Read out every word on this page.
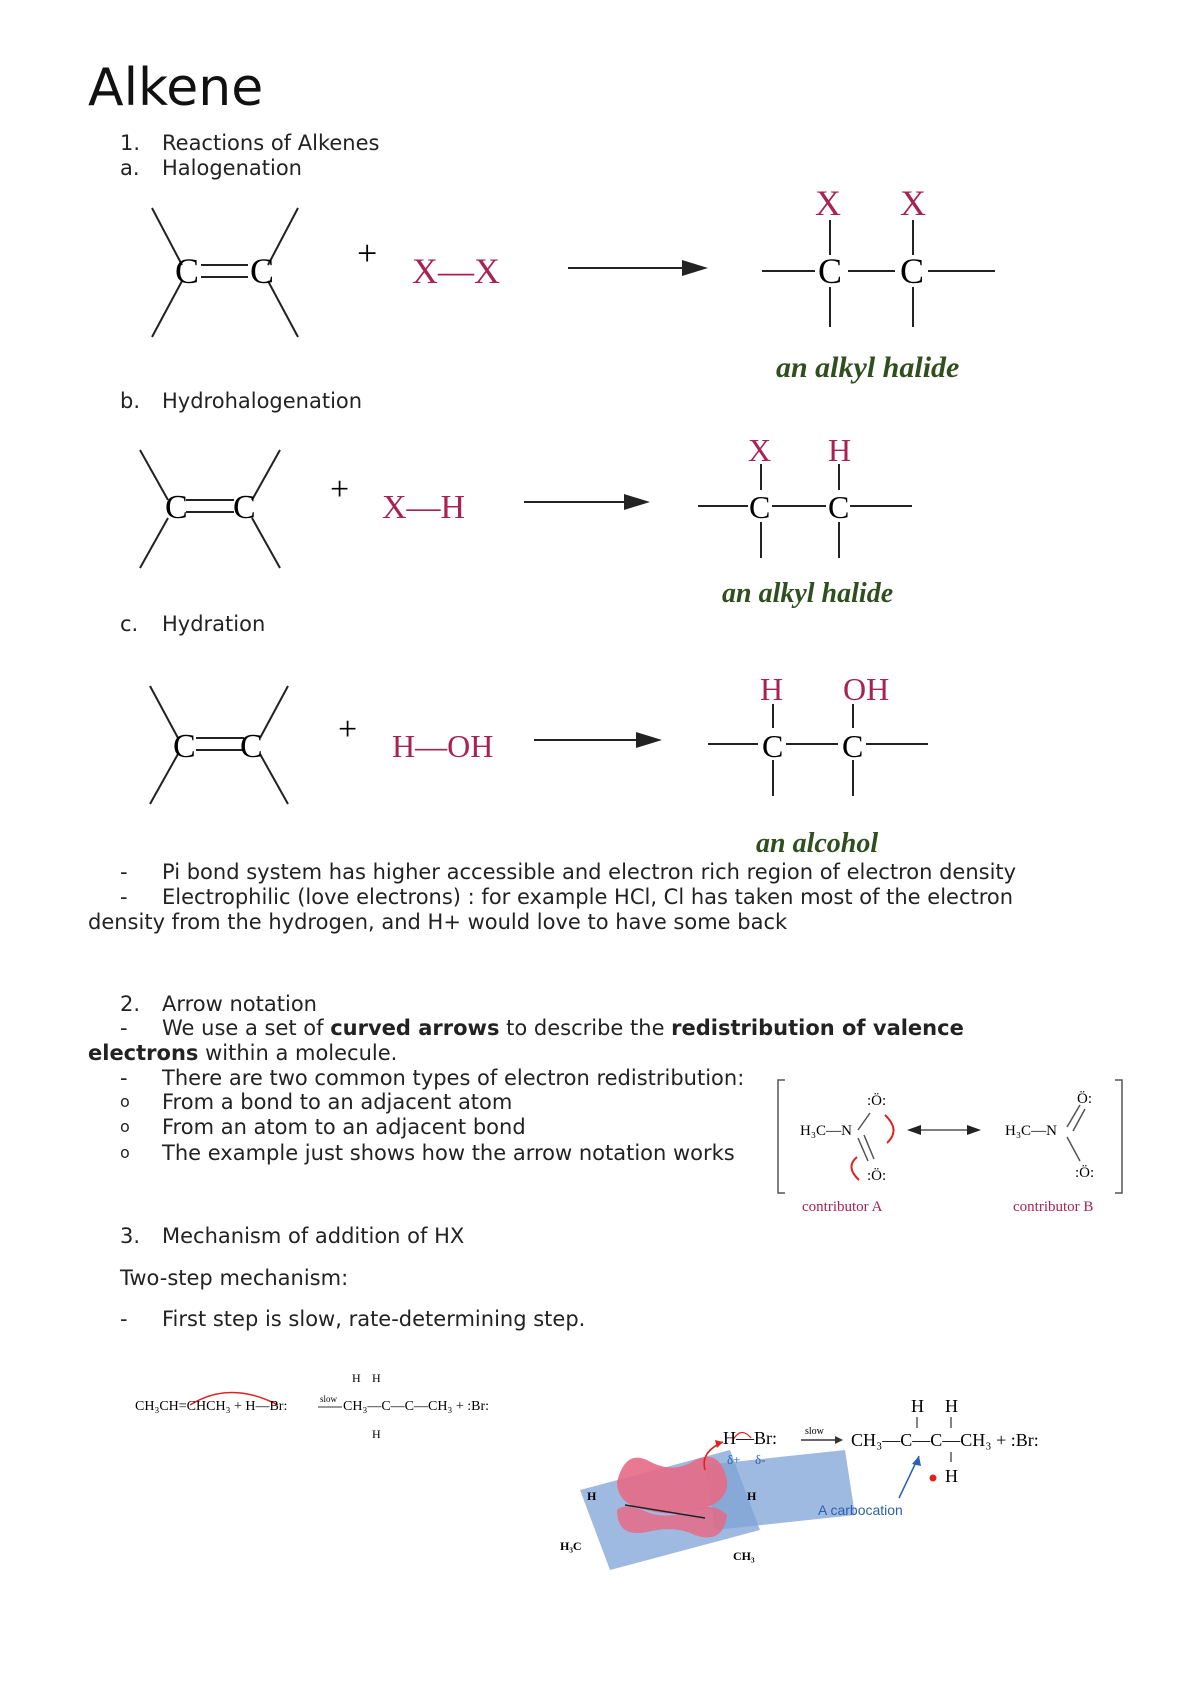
Alkene
1. Reactions of Alkenes
a. Halogenation
C C + X—X
X X
C C
an alkyl halide
b. Hydrohalogenation
C C + X—H
X H
C C
an alkyl halide
c. Hydration
C C + H—OH
H OH
C C
an alcohol
- Pi bond system has higher accessible and electron rich region of electron density
- Electrophilic (love electrons) : for example HCl, Cl has taken most of the electron
density from the hydrogen, and H+ would love to have some back
2. Arrow notation
- We use a set of curved arrows to describe the redistribution of valence
electrons within a molecule.
- There are two common types of electron redistribution:
o From a bond to an adjacent atom
o From an atom to an adjacent bond
o The example just shows how the arrow notation works
H₃C—N
:Ö:
:Ö:
H₃C—N
Ö:
:Ö:
contributor A	contributor B
3. Mechanism of addition of HX
Two-step mechanism:
- First step is slow, rate-determining step.
CH₃CH=CHCH₃ + H—Br:	slow
H H
H
CH₃—C—C—CH₃ + :Br:
H
H₃C
H
CH₃
H—Br:
δ+ δ-
slow
H H
CH₃—C—C—CH₃ + :Br:
H
A carbocation
